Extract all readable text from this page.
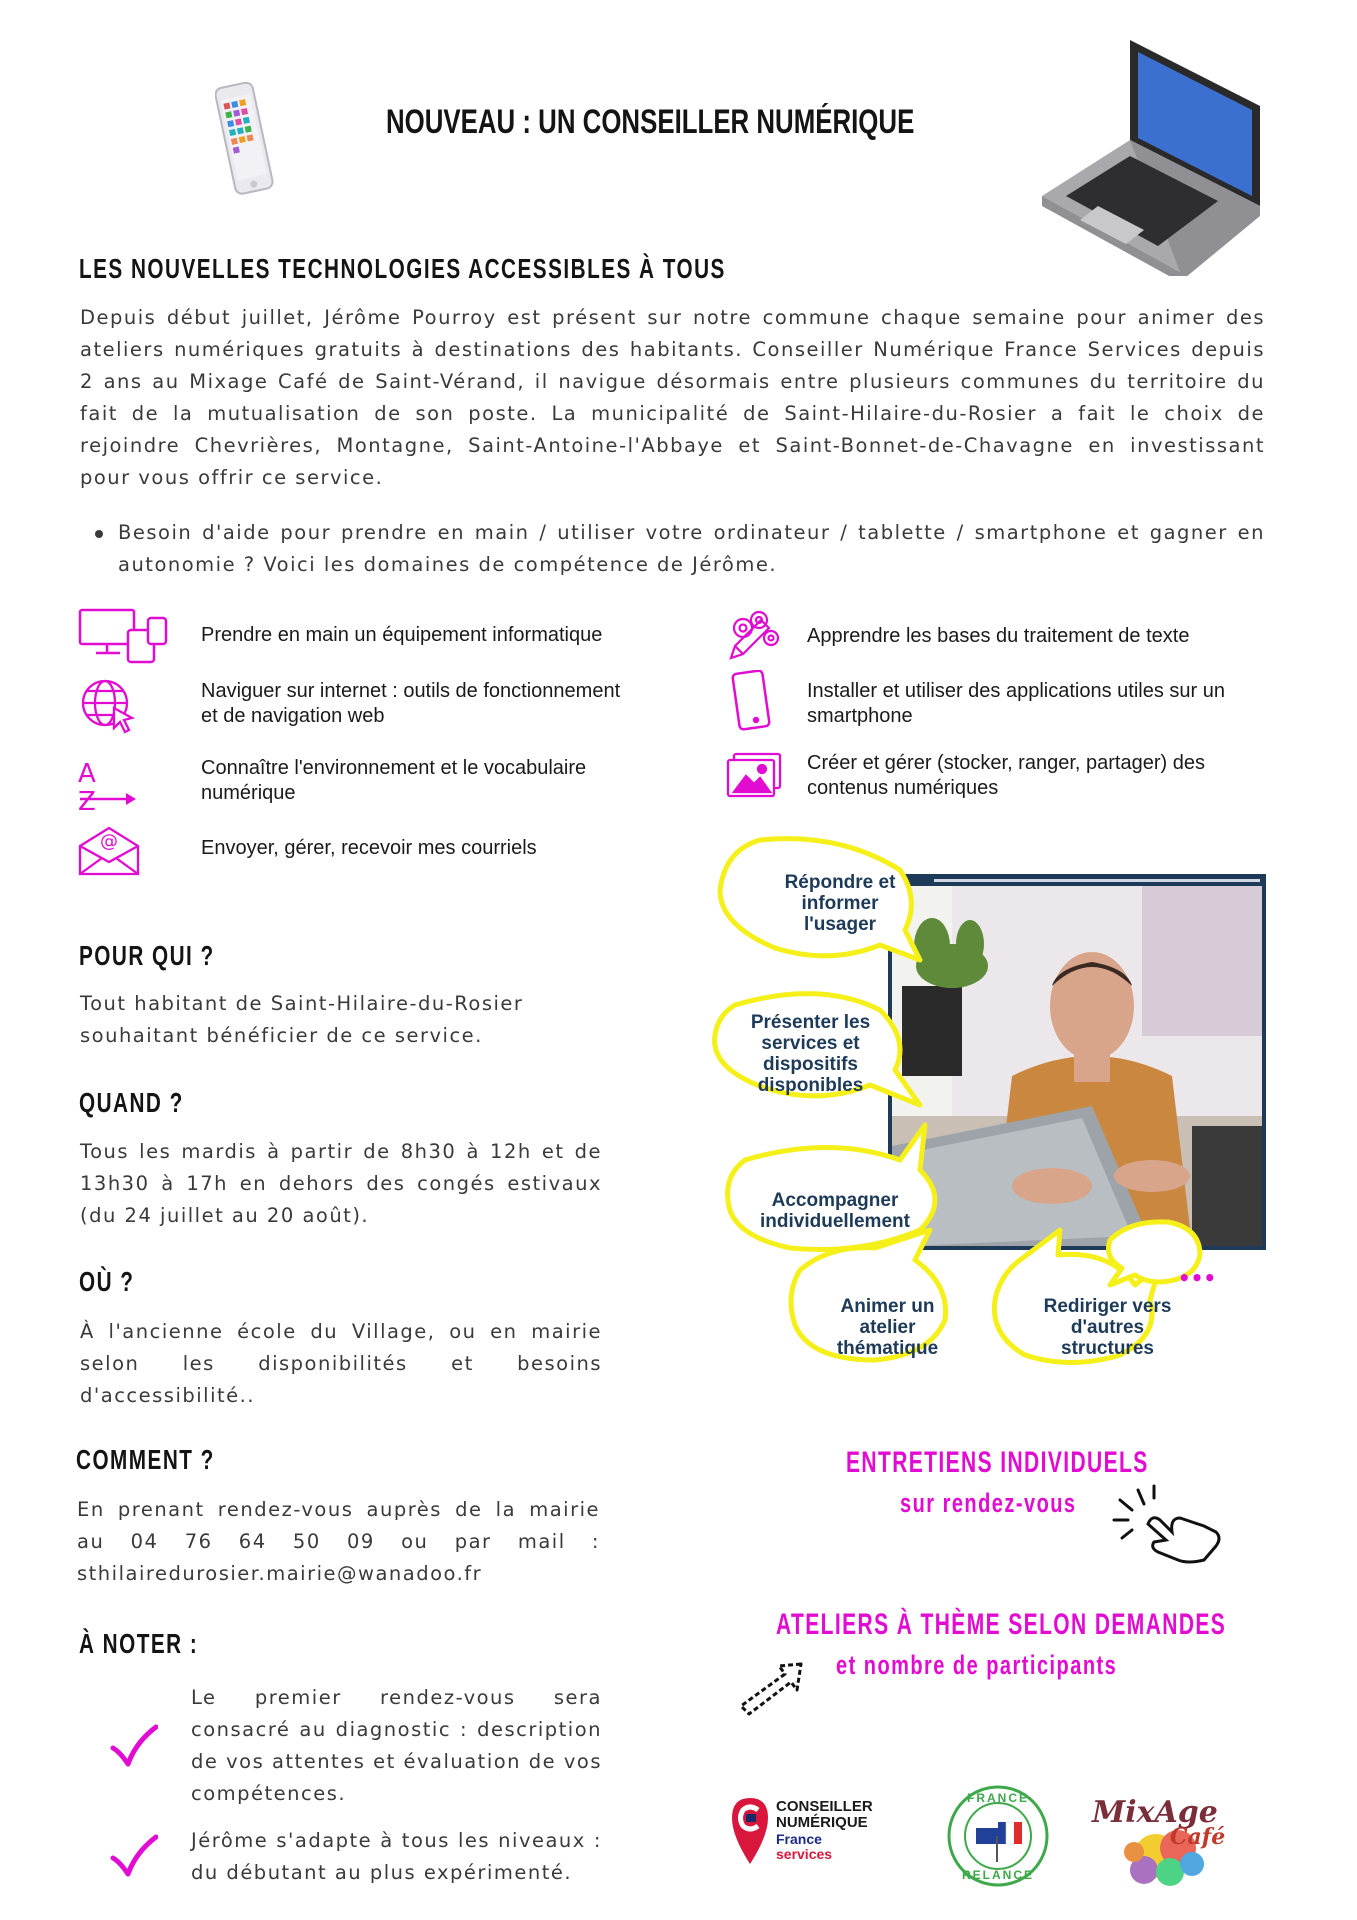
NOUVEAU : UN CONSEILLER NUMÉRIQUE
LES NOUVELLES TECHNOLOGIES ACCESSIBLES À TOUS
Depuis début juillet, Jérôme Pourroy est présent sur notre commune chaque semaine pour animer des ateliers numériques gratuits à destinations des habitants. Conseiller Numérique France Services depuis 2 ans au Mixage Café de Saint-Vérand, il navigue désormais entre plusieurs communes du territoire du fait de la mutualisation de son poste. La municipalité de Saint-Hilaire-du-Rosier a fait le choix de rejoindre Chevrières, Montagne, Saint-Antoine-l'Abbaye et Saint-Bonnet-de-Chavagne en investissant pour vous offrir ce service.
Besoin d'aide pour prendre en main / utiliser votre ordinateur / tablette / smartphone et gagner en autonomie ? Voici les domaines de compétence de Jérôme.
Prendre en main un équipement informatique
Naviguer sur internet : outils de fonctionnement et de navigation web
A Z
Connaître l'environnement et le vocabulaire numérique
@	Envoyer, gérer, recevoir mes courriels
Apprendre les bases du traitement de texte
Installer et utiliser des applications utiles sur un smartphone
Créer et gérer (stocker, ranger, partager) des contenus numériques
POUR QUI ?
Tout habitant de Saint-Hilaire-du-Rosier souhaitant bénéficier de ce service.
QUAND ?
Tous les mardis à partir de 8h30 à 12h et de 13h30 à 17h en dehors des congés estivaux (du 24 juillet au 20 août).
OÙ ?
À l'ancienne école du Village, ou en mairie selon les disponibilités et besoins d'accessibilité..
COMMENT ?
En prenant rendez-vous auprès de la mairie au 04 76 64 50 09 ou par mail :
sthilairedurosier.mairie@wanadoo.fr
À NOTER :
Le premier rendez-vous sera consacré au diagnostic : description de vos attentes et évaluation de vos compétences.
Jérôme s'adapte à tous les niveaux : du débutant au plus expérimenté.
Répondre et informer l'usager
Présenter les services et dispositifs disponibles
Accompagner individuellement
Animer un atelier thématique
Rediriger vers d'autres structures
•••
ENTRETIENS INDIVIDUELS
sur rendez-vous
ATELIERS À THÈME SELON DEMANDES
et nombre de participants
CONSEILLER
NUMÉRIQUE
France
services
FRANCE
RELANCE
MixAge
Café
